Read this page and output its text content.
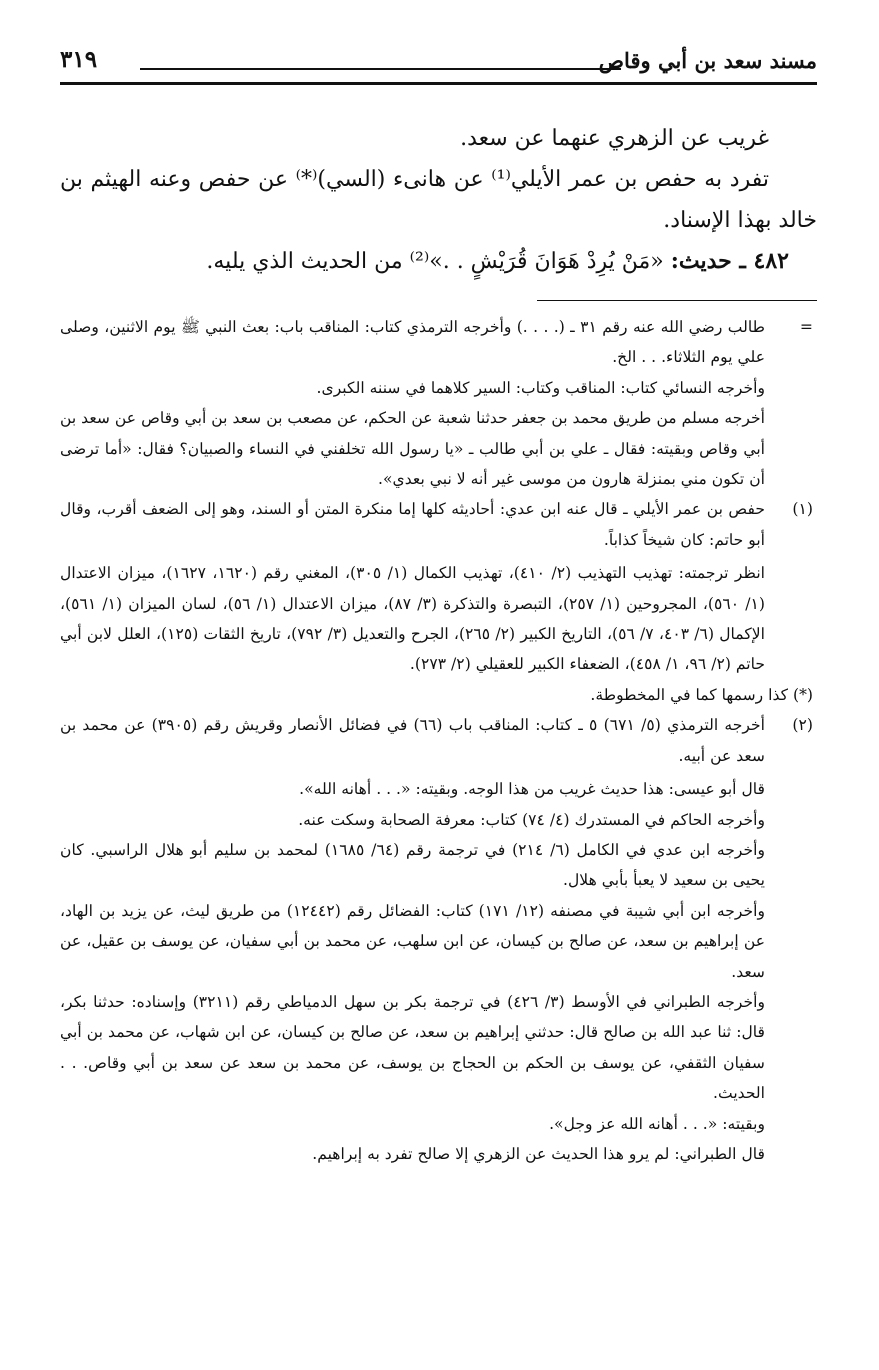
مسند سعد بن أبي وقاص
٣١٩

غريب عن الزهري عنهما عن سعد.

تفرد به حفص بن عمر الأيلي⁽¹⁾ عن هانىء (السي)⁽*⁾ عن حفص وعنه الهيثم بن خالد بهذا الإسناد.

٤٨٢ ـ حديث: «مَنْ يُرِدْ هَوَانَ قُرَيْشٍ . .»⁽²⁾ من الحديث الذي يليه.

=

طالب رضي الله عنه رقم ٣١ ـ (. . . .) وأخرجه الترمذي كتاب: المناقب باب: بعث النبي ﷺ يوم الاثنين، وصلى علي يوم الثلاثاء. . . الخ.

وأخرجه النسائي كتاب: المناقب وكتاب: السير كلاهما في سننه الكبرى.

أخرجه مسلم من طريق محمد بن جعفر حدثنا شعبة عن الحكم، عن مصعب بن سعد بن أبي وقاص عن سعد بن أبي وقاص وبقيته: فقال ـ علي بن أبي طالب ـ «يا رسول الله تخلفني في النساء والصبيان؟ فقال: «أما ترضى أن تكون مني بمنزلة هارون من موسى غير أنه لا نبي بعدي».

(١)

حفص بن عمر الأيلي ـ قال عنه ابن عدي: أحاديثه كلها إما منكرة المتن أو السند، وهو إلى الضعف أقرب، وقال أبو حاتم: كان شيخاً كذاباً.

انظر ترجمته: تهذيب التهذيب (٢/ ٤١٠)، تهذيب الكمال (١/ ٣٠٥)، المغني رقم (١٦٢٠، ١٦٢٧)، ميزان الاعتدال (١/ ٥٦٠)، المجروحين (١/ ٢٥٧)، التبصرة والتذكرة (٣/ ٨٧)، ميزان الاعتدال (١/ ٥٦)، لسان الميزان (١/ ٥٦١)، الإكمال (٦/ ٤٠٣، ٧/ ٥٦)، التاريخ الكبير (٢/ ٢٦٥)، الجرح والتعديل (٣/ ٧٩٢)، تاريخ الثقات (١٢٥)، العلل لابن أبي حاتم (٢/ ٩٦، ١/ ٤٥٨)، الضعفاء الكبير للعقيلي (٢/ ٢٧٣).

(*) كذا رسمها كما في المخطوطة.

(٢)

أخرجه الترمذي (٥/ ٦٧١) ٥ ـ كتاب: المناقب باب (٦٦) في فضائل الأنصار وقريش رقم (٣٩٠٥) عن محمد بن سعد عن أبيه.

قال أبو عيسى: هذا حديث غريب من هذا الوجه. وبقيته: «. . . أهانه الله».

وأخرجه الحاكم في المستدرك (٤/ ٧٤) كتاب: معرفة الصحابة وسكت عنه.

وأخرجه ابن عدي في الكامل (٦/ ٢١٤) في ترجمة رقم (٦٤/ ١٦٨٥) لمحمد بن سليم أبو هلال الراسبي. كان يحيى بن سعيد لا يعبأ بأبي هلال.

وأخرجه ابن أبي شيبة في مصنفه (١٢/ ١٧١) كتاب: الفضائل رقم (١٢٤٤٢) من طريق ليث، عن يزيد بن الهاد، عن إبراهيم بن سعد، عن صالح بن كيسان، عن ابن سلهب، عن محمد بن أبي سفيان، عن يوسف بن عقيل، عن سعد.

وأخرجه الطبراني في الأوسط (٣/ ٤٢٦) في ترجمة بكر بن سهل الدمياطي رقم (٣٢١١) وإسناده: حدثنا بكر، قال: ثنا عبد الله بن صالح قال: حدثني إبراهيم بن سعد، عن صالح بن كيسان، عن ابن شهاب، عن محمد بن أبي سفيان الثقفي، عن يوسف بن الحكم بن الحجاج بن يوسف، عن محمد بن سعد عن سعد بن أبي وقاص. . . الحديث.

وبقيته: «. . . أهانه الله عز وجل».

قال الطبراني: لم يرو هذا الحديث عن الزهري إلا صالح تفرد به إبراهيم.
